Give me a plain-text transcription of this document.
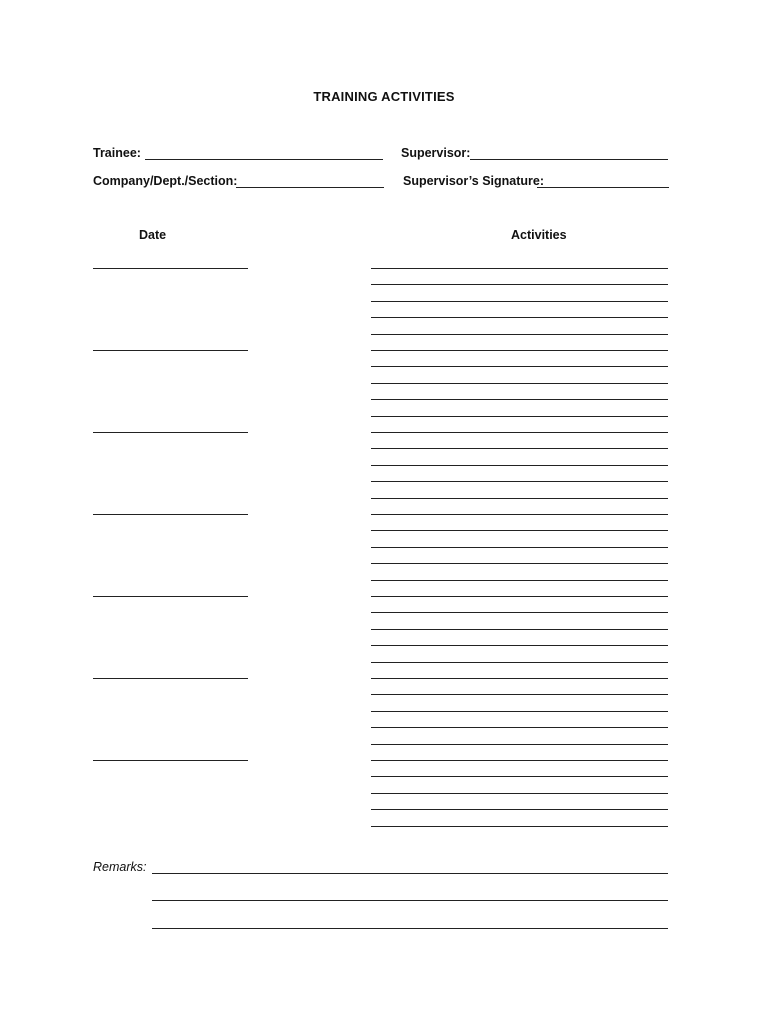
TRAINING ACTIVITIES
Trainee:	Supervisor:
Company/Dept./Section:	Supervisor’s Signature:
Date	Activities
Remarks:
